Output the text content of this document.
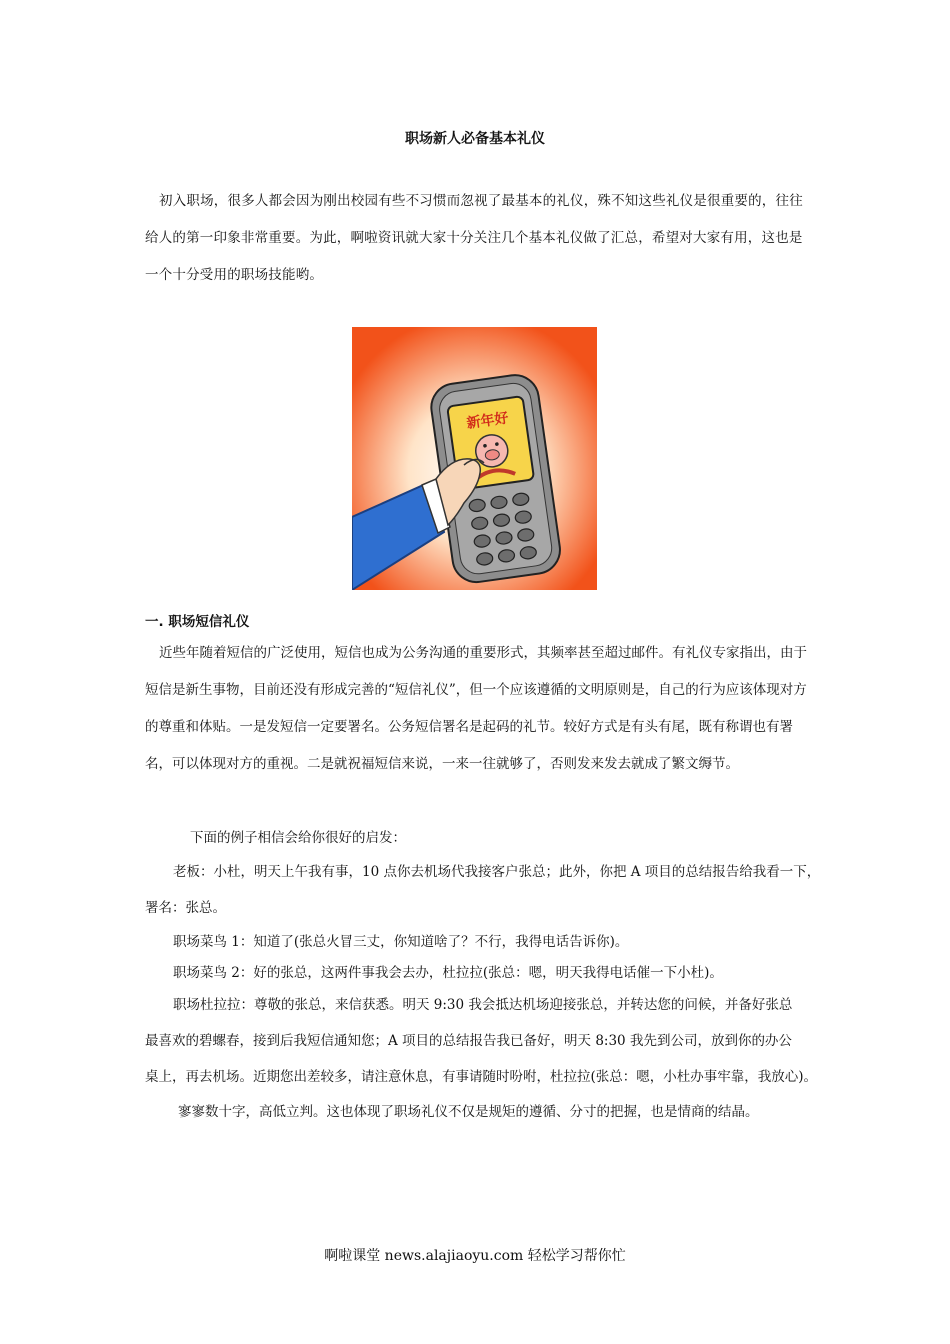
职场新人必备基本礼仪
初入职场，很多人都会因为刚出校园有些不习惯而忽视了最基本的礼仪，殊不知这些礼仪是很重要的，往往给人的第一印象非常重要。为此，啊啦资讯就大家十分关注几个基本礼仪做了汇总，希望对大家有用，这也是一个十分受用的职场技能哟。
新年好
一. 职场短信礼仪
近些年随着短信的广泛使用，短信也成为公务沟通的重要形式，其频率甚至超过邮件。有礼仪专家指出，由于短信是新生事物，目前还没有形成完善的“短信礼仪”，但一个应该遵循的文明原则是，自己的行为应该体现对方的尊重和体贴。一是发短信一定要署名。公务短信署名是起码的礼节。较好方式是有头有尾，既有称谓也有署名，可以体现对方的重视。二是就祝福短信来说，一来一往就够了，否则发来发去就成了繁文缛节。
下面的例子相信会给你很好的启发：
老板：小杜，明天上午我有事，10 点你去机场代我接客户张总；此外，你把 A 项目的总结报告给我看一下，
署名：张总。
职场菜鸟 1：知道了(张总火冒三丈，你知道啥了？不行，我得电话告诉你)。
职场菜鸟 2：好的张总，这两件事我会去办，杜拉拉(张总：嗯，明天我得电话催一下小杜)。
职场杜拉拉：尊敬的张总，来信获悉。明天 9:30 我会抵达机场迎接张总，并转达您的问候，并备好张总
最喜欢的碧螺春，接到后我短信通知您；A 项目的总结报告我已备好，明天 8:30 我先到公司，放到你的办公
桌上，再去机场。近期您出差较多，请注意休息，有事请随时吩咐，杜拉拉(张总：嗯，小杜办事牢靠，我放心)。
寥寥数十字，高低立判。这也体现了职场礼仪不仅是规矩的遵循、分寸的把握，也是情商的结晶。
啊啦课堂 news.alajiaoyu.com 轻松学习帮你忙
